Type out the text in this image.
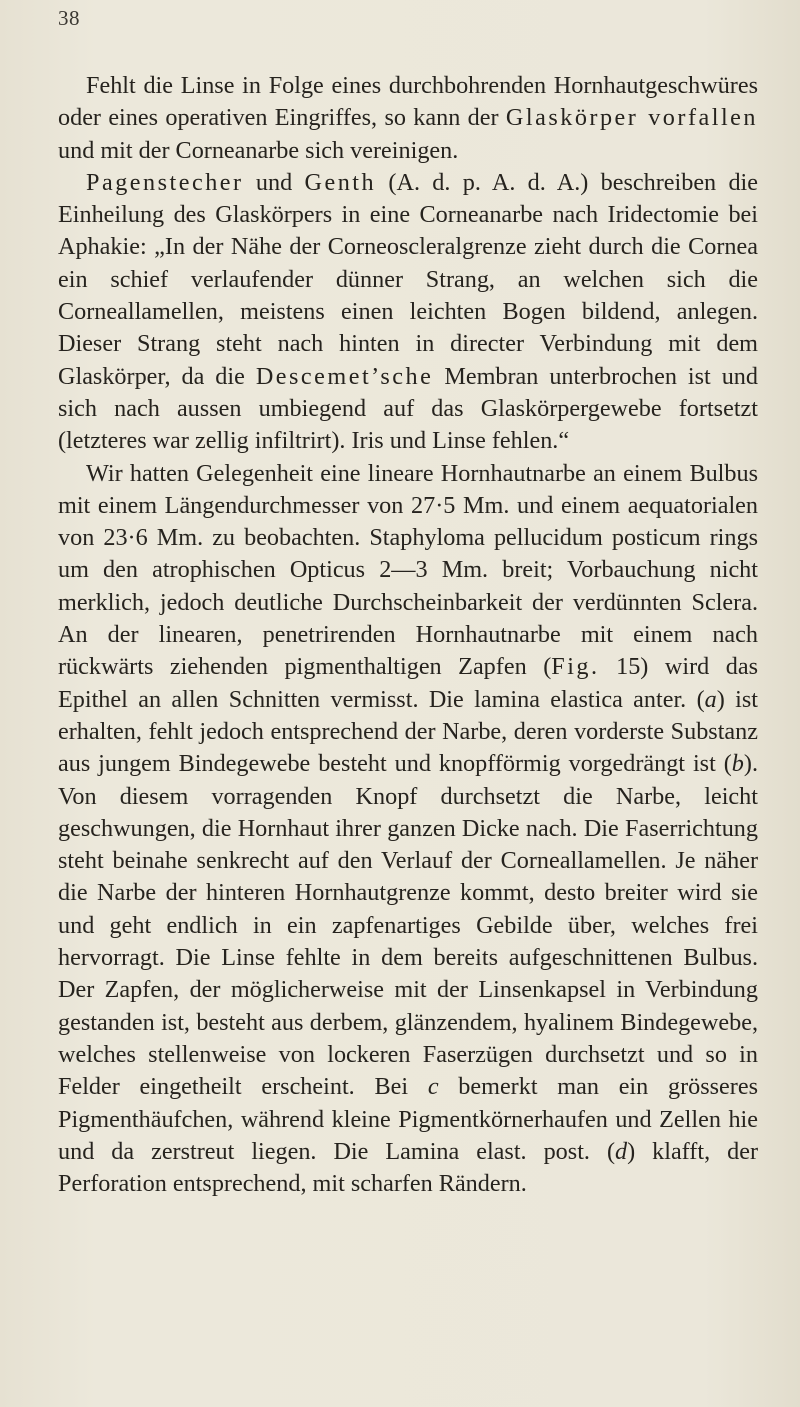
38

Fehlt die Linse in Folge eines durchbohrenden Hornhautgeschwüres oder eines operativen Eingriffes, so kann der Glaskörper vorfallen und mit der Corneanarbe sich vereinigen.

Pagenstecher und Genth (A. d. p. A. d. A.) beschreiben die Einheilung des Glaskörpers in eine Corneanarbe nach Iridectomie bei Aphakie: „In der Nähe der Corneoscleralgrenze zieht durch die Cornea ein schief verlaufender dünner Strang, an welchen sich die Corneallamellen, meistens einen leichten Bogen bildend, anlegen. Dieser Strang steht nach hinten in directer Verbindung mit dem Glaskörper, da die Descemet’sche Membran unterbrochen ist und sich nach aussen umbiegend auf das Glaskörpergewebe fortsetzt (letzteres war zellig infiltrirt). Iris und Linse fehlen.“

Wir hatten Gelegenheit eine lineare Hornhautnarbe an einem Bulbus mit einem Längendurchmesser von 27·5 Mm. und einem aequatorialen von 23·6 Mm. zu beobachten. Staphyloma pellucidum posticum rings um den atrophischen Opticus 2—3 Mm. breit; Vorbauchung nicht merklich, jedoch deutliche Durchscheinbarkeit der verdünnten Sclera. An der linearen, penetrirenden Hornhautnarbe mit einem nach rückwärts ziehenden pigmenthaltigen Zapfen (Fig. 15) wird das Epithel an allen Schnitten vermisst. Die lamina elastica anter. (a) ist erhalten, fehlt jedoch entsprechend der Narbe, deren vorderste Substanz aus jungem Bindegewebe besteht und knopfförmig vorgedrängt ist (b). Von diesem vorragenden Knopf durchsetzt die Narbe, leicht geschwungen, die Hornhaut ihrer ganzen Dicke nach. Die Faserrichtung steht beinahe senkrecht auf den Verlauf der Corneallamellen. Je näher die Narbe der hinteren Hornhautgrenze kommt, desto breiter wird sie und geht endlich in ein zapfenartiges Gebilde über, welches frei hervorragt. Die Linse fehlte in dem bereits aufgeschnittenen Bulbus. Der Zapfen, der möglicherweise mit der Linsenkapsel in Verbindung gestanden ist, besteht aus derbem, glänzendem, hyalinem Bindegewebe, welches stellenweise von lockeren Faserzügen durchsetzt und so in Felder eingetheilt erscheint. Bei c bemerkt man ein grösseres Pigmenthäufchen, während kleine Pigmentkörnerhaufen und Zellen hie und da zerstreut liegen. Die Lamina elast. post. (d) klafft, der Perforation entsprechend, mit scharfen Rändern.
